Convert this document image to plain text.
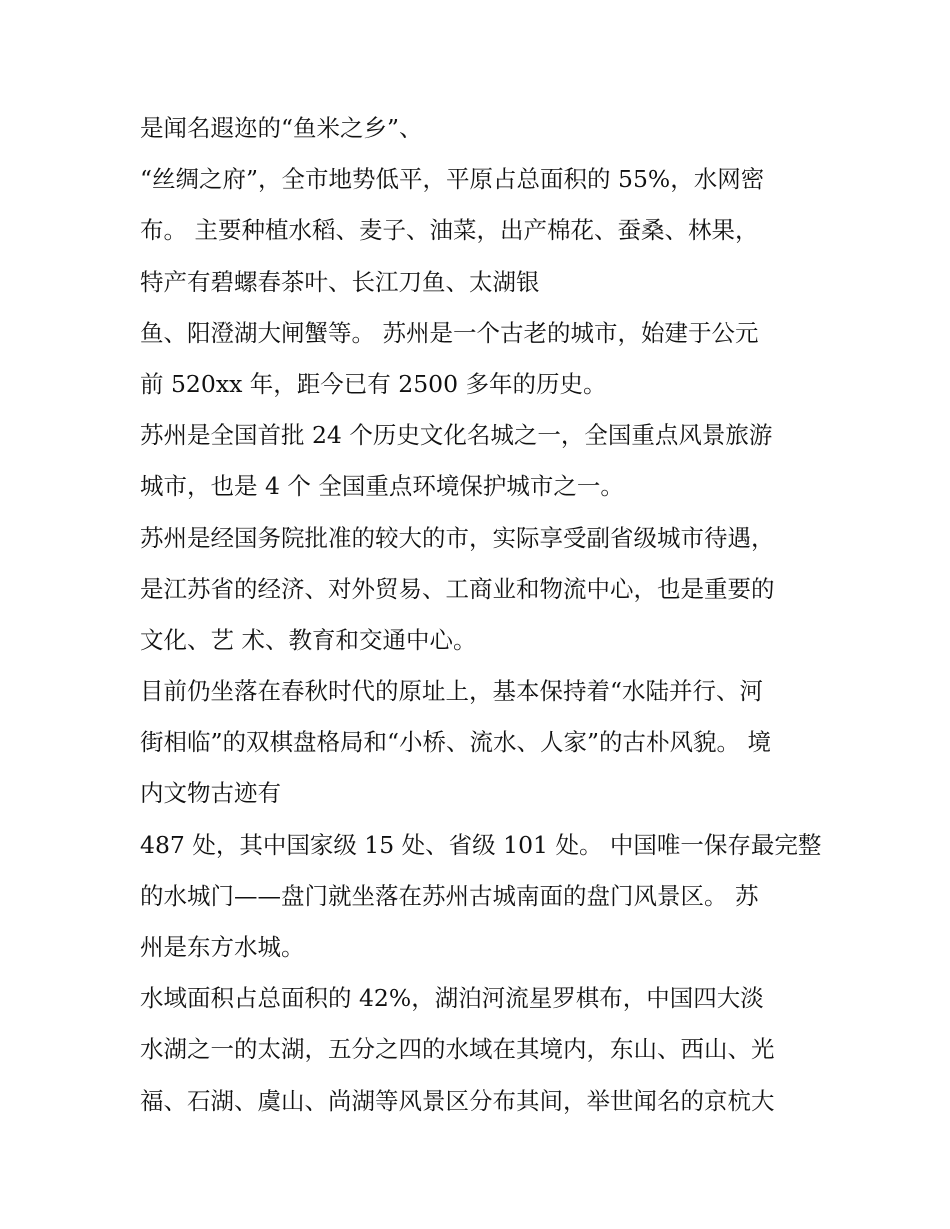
是闻名遐迩的“鱼米之乡”、
“丝绸之府”，全市地势低平，平原占总面积的 55%，水网密
布。 主要种植水稻、麦子、油菜，出产棉花、蚕桑、林果，
特产有碧螺春茶叶、长江刀鱼、太湖银
鱼、阳澄湖大闸蟹等。 苏州是一个古老的城市，始建于公元
前 520xx 年，距今已有 2500 多年的历史。
苏州是全国首批 24 个历史文化名城之一，全国重点风景旅游
城市，也是 4 个 全国重点环境保护城市之一。
苏州是经国务院批准的较大的市，实际享受副省级城市待遇，
是江苏省的经济、对外贸易、工商业和物流中心，也是重要的
文化、艺 术、教育和交通中心。
目前仍坐落在春秋时代的原址上，基本保持着“水陆并行、河
街相临”的双棋盘格局和“小桥、流水、人家”的古朴风貌。 境
内文物古迹有
487 处，其中国家级 15 处、省级 101 处。 中国唯一保存最完整
的水城门——盘门就坐落在苏州古城南面的盘门风景区。 苏
州是东方水城。
水域面积占总面积的 42%，湖泊河流星罗棋布，中国四大淡
水湖之一的太湖，五分之四的水域在其境内，东山、西山、光
福、石湖、虞山、尚湖等风景区分布其间，举世闻名的京杭大
